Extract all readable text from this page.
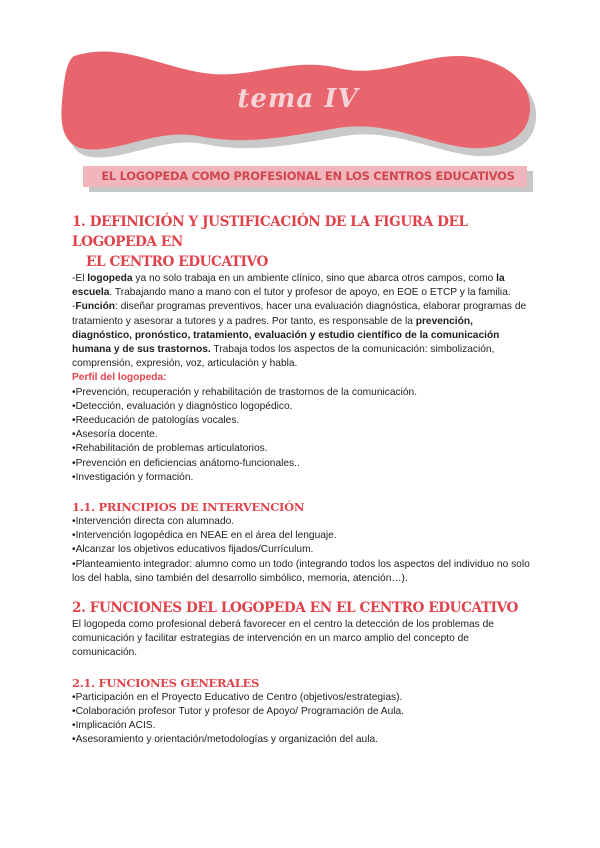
tema IV
EL LOGOPEDA COMO PROFESIONAL EN LOS CENTROS EDUCATIVOS
1. DEFINICIÓN Y JUSTIFICACIÓN DE LA FIGURA DEL LOGOPEDA EN
EL CENTRO EDUCATIVO

-El logopeda ya no solo trabaja en un ambiente clínico, sino que abarca otros campos, como la escuela. Trabajando mano a mano con el tutor y profesor de apoyo, en EOE o ETCP y la familia.

-Función: diseñar programas preventivos, hacer una evaluación diagnóstica, elaborar programas de tratamiento y asesorar a tutores y a padres. Por tanto, es responsable de la prevención, diagnóstico, pronóstico, tratamiento, evaluación y estudio científico de la comunicación humana y de sus trastornos. Trabaja todos los aspectos de la comunicación: simbolización, comprensión, expresión, voz, articulación y habla.

Perfil del logopeda:

•Prevención, recuperación y rehabilitación de trastornos de la comunicación.

•Detección, evaluación y diagnóstico logopédico.

•Reeducación de patologías vocales.

•Asesoría docente.

•Rehabilitación de problemas articulatorios.

•Prevención en deficiencias anátomo-funcionales..

•Investigación y formación.

1.1. PRINCIPIOS DE INTERVENCIÓN

•Intervención directa con alumnado.

•Intervención logopédica en NEAE en el área del lenguaje.

•Alcanzar los objetivos educativos fijados/Currículum.

•Planteamiento integrador: alumno como un todo (integrando todos los aspectos del individuo no solo los del habla, sino también del desarrollo simbólico, memoria, atención…).

2. FUNCIONES DEL LOGOPEDA EN EL CENTRO EDUCATIVO

El logopeda como profesional deberá favorecer en el centro la detección de los problemas de comunicación y facilitar estrategias de intervención en un marco amplio del concepto de comunicación.

2.1. FUNCIONES GENERALES

•Participación en el Proyecto Educativo de Centro (objetivos/estrategias).

•Colaboración profesor Tutor y profesor de Apoyo/ Programación de Aula.

•Implicación ACIS.

•Asesoramiento y orientación/metodologías y organización del aula.
